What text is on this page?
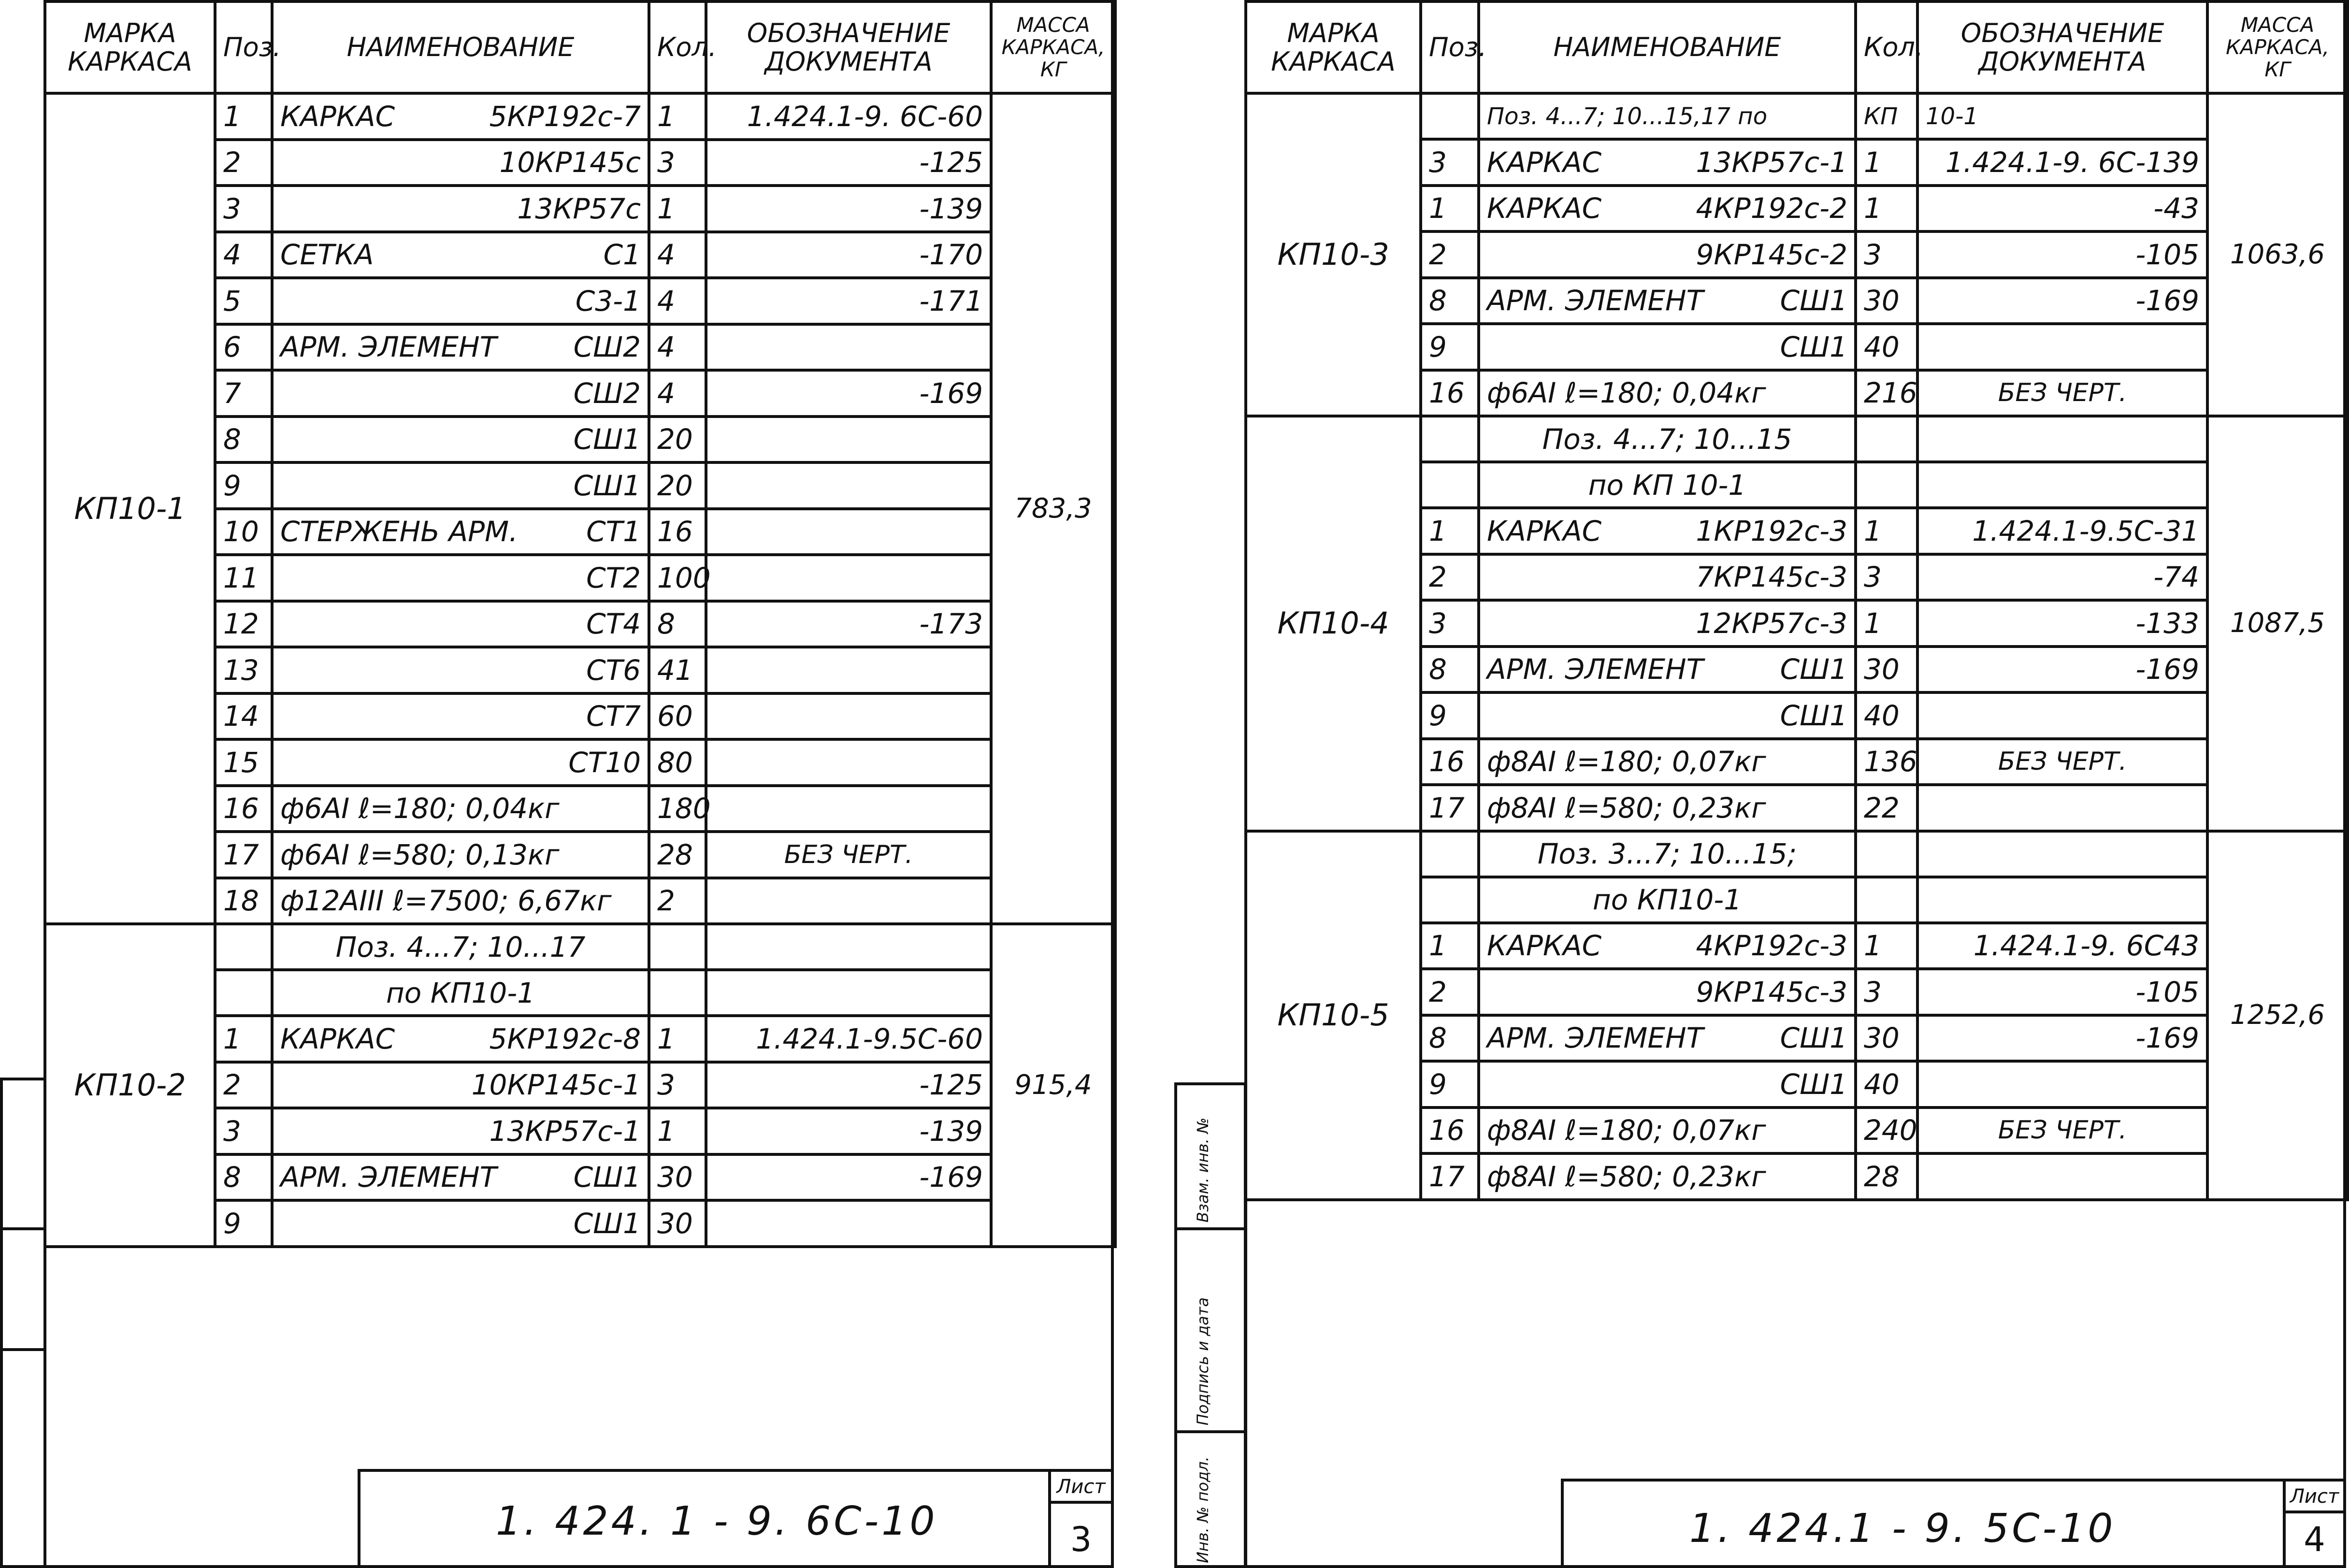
МАРКА КАРКАСА	Поз.	НАИМЕНОВАНИЕ	Кол.	ОБОЗНАЧЕНИЕ ДОКУМЕНТА	МАССА КАРКАСА, КГ
КП10-1	1	КАРКАС 5КР192с-7	1	1.424.1-9. 6С-60	783,3
	2	10КР145с	3	-125	
	3	13КР57с	1	-139	
	4	СЕТКА С1	4	-170	
	5	С3-1	4	-171	
	6	АРМ. ЭЛЕМЕНТ СШ2	4		
	7	СШ2	4	-169	
	8	СШ1	20		
	9	СШ1	20		
	10	СТЕРЖЕНЬ АРМ. СТ1	16		
	11	СТ2	100		
	12	СТ4	8	-173	
	13	СТ6	41		
	14	СТ7	60		
	15	СТ10	80		
	16	ф6АI ℓ=180; 0,04кг	180		
	17	ф6АI ℓ=580; 0,13кг	28	БЕЗ ЧЕРТ.	
	18	ф12АIII ℓ=7500; 6,67кг	2		
КП10-2		Поз. 4...7; 10...17			915,4

		по КП10-1			

	1	КАРКАС 5КР192с-8	1	1.424.1-9.5С-60	
	2	10КР145с-1	3	-125	
	3	13КР57с-1	1	-139	
	8	АРМ. ЭЛЕМЕНТ СШ1	30	-169	
	9	СШ1	30		
1. 424. 1 - 9. 6С-10
Лист
3
Взам. инв. №
Подпись и дата
Инв. № подл.
МАРКА КАРКАСА	Поз.	НАИМЕНОВАНИЕ	Кол.	ОБОЗНАЧЕНИЕ ДОКУМЕНТА	МАССА КАРКАСА, КГ
КП10-3		Поз. 4...7; 10...15,17 по	КП	10-1	1063,6
	3	КАРКАС 13КР57с-1	1	1.424.1-9. 6С-139	
	1	КАРКАС 4КР192с-2	1	-43	
	2	9КР145с-2	3	-105	
	8	АРМ. ЭЛЕМЕНТ СШ1	30	-169	
	9	СШ1	40		
	16	ф6АI ℓ=180; 0,04кг	216	БЕЗ ЧЕРТ.	
КП10-4		Поз. 4...7; 10...15			1087,5

		по КП 10-1			

	1	КАРКАС 1КР192с-3	1	1.424.1-9.5С-31	
	2	7КР145с-3	3	-74	
	3	12КР57с-3	1	-133	
	8	АРМ. ЭЛЕМЕНТ СШ1	30	-169	
	9	СШ1	40		
	16	ф8АI ℓ=180; 0,07кг	136	БЕЗ ЧЕРТ.	
	17	ф8АI ℓ=580; 0,23кг	22		
КП10-5		Поз. 3...7; 10...15;			1252,6

		по КП10-1			

	1	КАРКАС 4КР192с-3	1	1.424.1-9. 6С43	
	2	9КР145с-3	3	-105	
	8	АРМ. ЭЛЕМЕНТ СШ1	30	-169	
	9	СШ1	40		
	16	ф8АI ℓ=180; 0,07кг	240	БЕЗ ЧЕРТ.	
	17	ф8АI ℓ=580; 0,23кг	28		
1. 424.1 - 9. 5С-10
Лист
4
